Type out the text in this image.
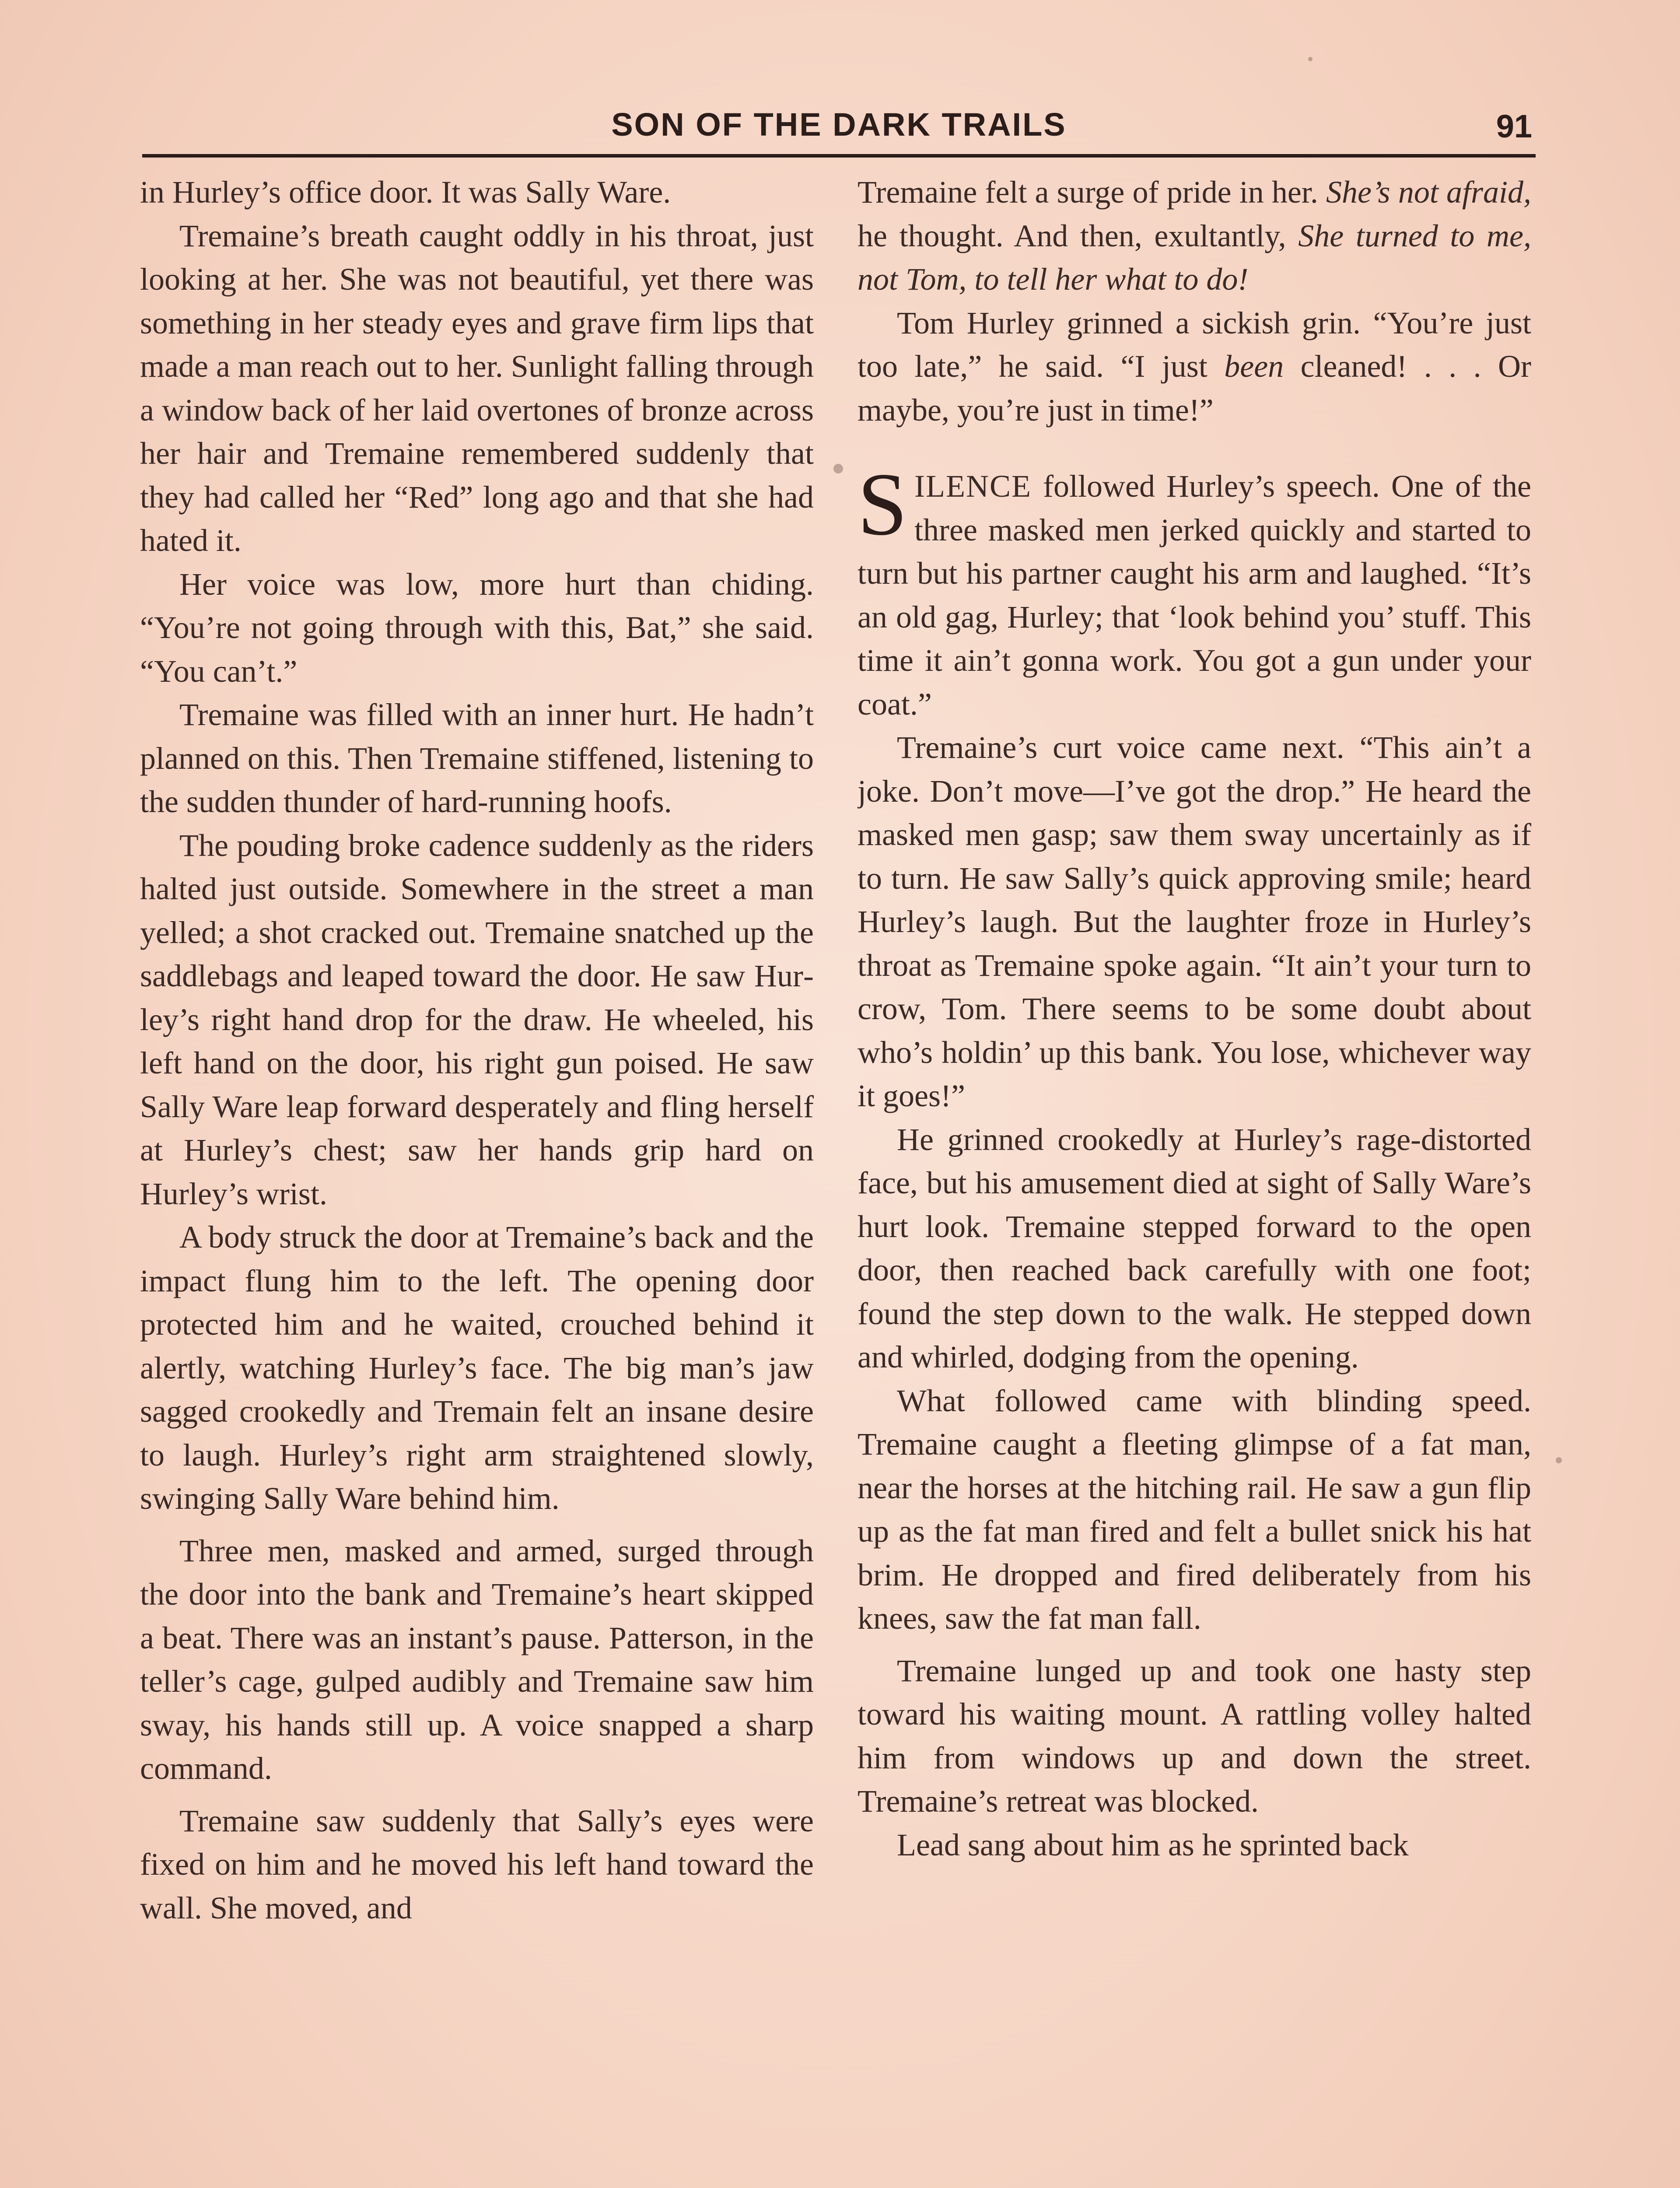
SON OF THE DARK TRAILS	91

in Hurley’s office door. It was Sally Ware.

Tremaine’s breath caught oddly in his throat, just looking at her. She was not beautiful, yet there was something in her steady eyes and grave firm lips that made a man reach out to her. Sunlight falling through a window back of her laid overtones of bronze across her hair and Tremaine remembered suddenly that they had called her “Red” long ago and that she had hated it.

Her voice was low, more hurt than chiding. “You’re not going through with this, Bat,” she said. “You can’t.”

Tremaine was filled with an inner hurt. He hadn’t planned on this. Then Tremaine stiffened, listening to the sudden thunder of hard-running hoofs.

The pouding broke cadence suddenly as the riders halted just outside. Somewhere in the street a man yelled; a shot cracked out. Tremaine snatched up the saddlebags and leaped toward the door. He saw Hurley’s right hand drop for the draw. He wheeled, his left hand on the door, his right gun poised. He saw Sally Ware leap forward desperately and fling herself at Hurley’s chest; saw her hands grip hard on Hurley’s wrist.

A body struck the door at Tremaine’s back and the impact flung him to the left. The opening door protected him and he waited, crouched behind it alertly, watching Hurley’s face. The big man’s jaw sagged crookedly and Tremain felt an insane desire to laugh. Hurley’s right arm straightened slowly, swinging Sally Ware behind him.

Three men, masked and armed, surged through the door into the bank and Tremaine’s heart skipped a beat. There was an instant’s pause. Patterson, in the teller’s cage, gulped audibly and Tremaine saw him sway, his hands still up. A voice snapped a sharp command.

Tremaine saw suddenly that Sally’s eyes were fixed on him and he moved his left hand toward the wall. She moved, and

Tremaine felt a surge of pride in her. She’s not afraid, he thought. And then, exultantly, She turned to me, not Tom, to tell her what to do!

Tom Hurley grinned a sickish grin. “You’re just too late,” he said. “I just been cleaned! . . . Or maybe, you’re just in time!”

SILENCE followed Hurley’s speech. One of the three masked men jerked quickly and started to turn but his partner caught his arm and laughed. “It’s an old gag, Hurley; that ‘look behind you’ stuff. This time it ain’t gonna work. You got a gun under your coat.”

Tremaine’s curt voice came next. “This ain’t a joke. Don’t move—I’ve got the drop.” He heard the masked men gasp; saw them sway uncertainly as if to turn. He saw Sally’s quick approving smile; heard Hurley’s laugh. But the laughter froze in Hurley’s throat as Tremaine spoke again. “It ain’t your turn to crow, Tom. There seems to be some doubt about who’s holdin’ up this bank. You lose, whichever way it goes!”

He grinned crookedly at Hurley’s rage-distorted face, but his amusement died at sight of Sally Ware’s hurt look. Tremaine stepped forward to the open door, then reached back carefully with one foot; found the step down to the walk. He stepped down and whirled, dodging from the opening.

What followed came with blinding speed. Tremaine caught a fleeting glimpse of a fat man, near the horses at the hitching rail. He saw a gun flip up as the fat man fired and felt a bullet snick his hat brim. He dropped and fired deliberately from his knees, saw the fat man fall.

Tremaine lunged up and took one hasty step toward his waiting mount. A rattling volley halted him from windows up and down the street. Tremaine’s retreat was blocked.

Lead sang about him as he sprinted back
